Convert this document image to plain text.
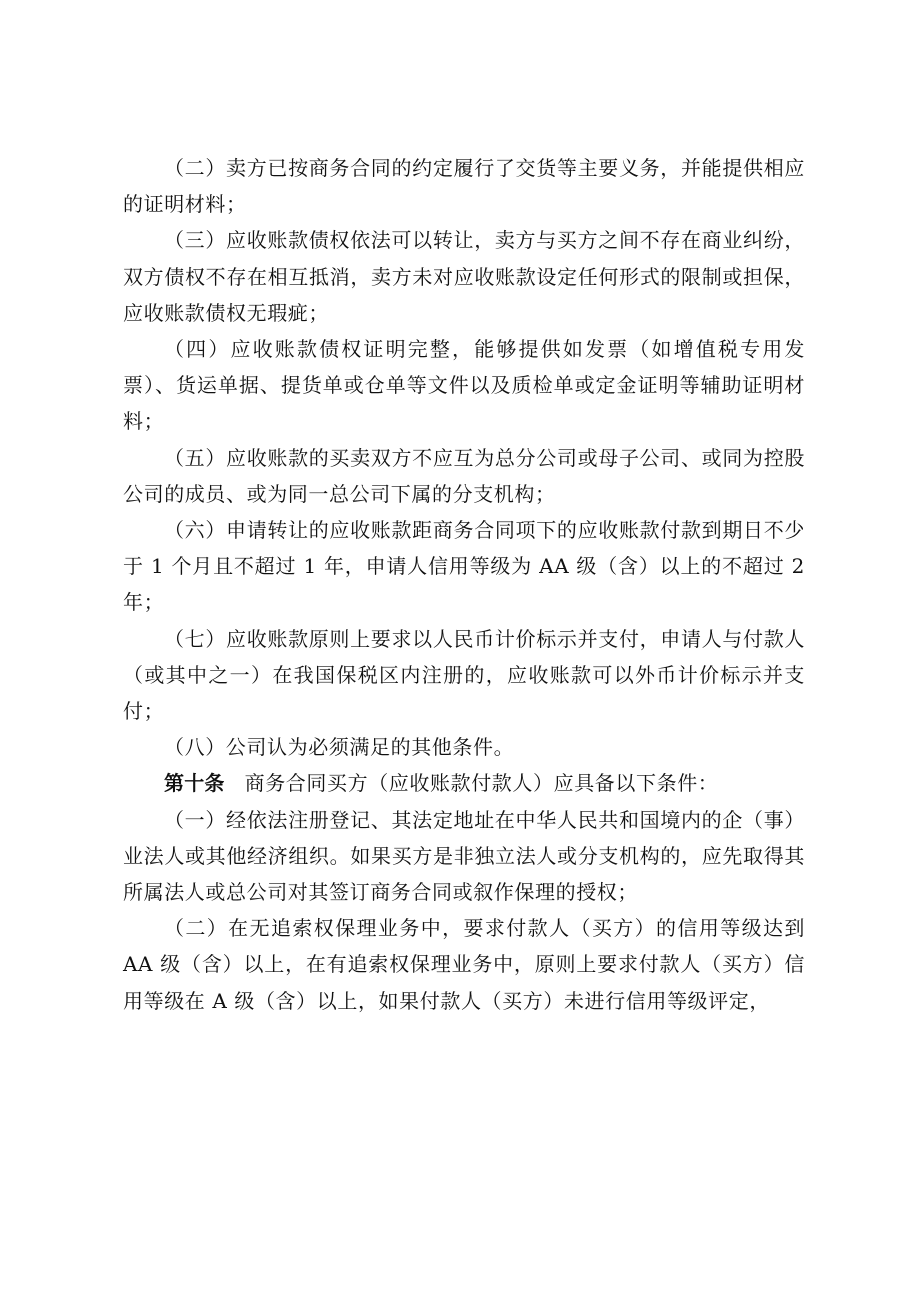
（二）卖方已按商务合同的约定履行了交货等主要义务，并能提供相应的证明材料；

（三）应收账款债权依法可以转让，卖方与买方之间不存在商业纠纷，双方债权不存在相互抵消，卖方未对应收账款设定任何形式的限制或担保，应收账款债权无瑕疵；

（四）应收账款债权证明完整，能够提供如发票（如增值税专用发票）、货运单据、提货单或仓单等文件以及质检单或定金证明等辅助证明材料；

（五）应收账款的买卖双方不应互为总分公司或母子公司、或同为控股公司的成员、或为同一总公司下属的分支机构；

（六）申请转让的应收账款距商务合同项下的应收账款付款到期日不少于 1 个月且不超过 1 年，申请人信用等级为 AA 级（含）以上的不超过 2 年；

（七）应收账款原则上要求以人民币计价标示并支付，申请人与付款人（或其中之一）在我国保税区内注册的，应收账款可以外币计价标示并支付；

（八）公司认为必须满足的其他条件。

第十条 商务合同买方（应收账款付款人）应具备以下条件：

（一）经依法注册登记、其法定地址在中华人民共和国境内的企（事）业法人或其他经济组织。如果买方是非独立法人或分支机构的，应先取得其所属法人或总公司对其签订商务合同或叙作保理的授权；

（二）在无追索权保理业务中，要求付款人（买方）的信用等级达到 AA 级（含）以上，在有追索权保理业务中，原则上要求付款人（买方）信用等级在 A 级（含）以上，如果付款人（买方）未进行信用等级评定，
